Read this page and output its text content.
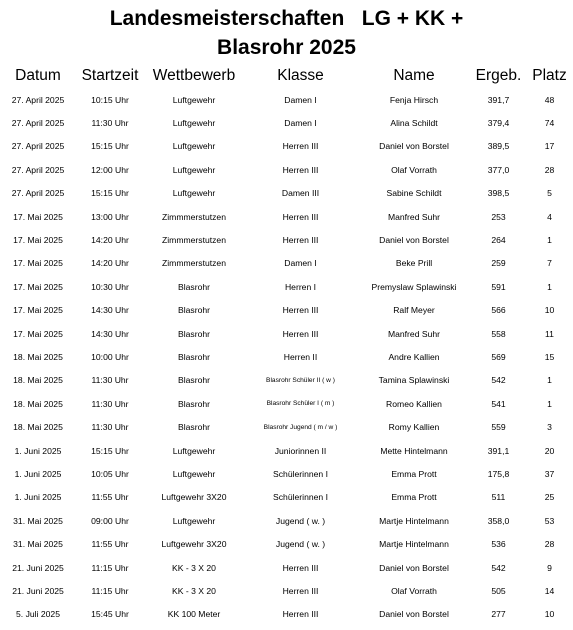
Landesmeisterschaften   LG + KK +
Blasrohr 2025
Datum	Startzeit	Wettbewerb	Klasse	Name	Ergeb.	Platz
27. April 2025	10:15 Uhr	Luftgewehr	Damen I	Fenja Hirsch	391,7	48
27. April 2025	11:30 Uhr	Luftgewehr	Damen I	Alina Schildt	379,4	74
27. April 2025	15:15 Uhr	Luftgewehr	Herren III	Daniel von Borstel	389,5	17
27. April 2025	12:00 Uhr	Luftgewehr	Herren III	Olaf Vorrath	377,0	28
27. April 2025	15:15 Uhr	Luftgewehr	Damen III	Sabine Schildt	398,5	5
17. Mai 2025	13:00 Uhr	Zimmmerstutzen	Herren III	Manfred Suhr	253	4
17. Mai 2025	14:20 Uhr	Zimmmerstutzen	Herren III	Daniel von Borstel	264	1
17. Mai 2025	14:20 Uhr	Zimmmerstutzen	Damen I	Beke Prill	259	7
17. Mai 2025	10:30 Uhr	Blasrohr	Herren I	Premyslaw Splawinski	591	1
17. Mai 2025	14:30 Uhr	Blasrohr	Herren III	Ralf Meyer	566	10
17. Mai 2025	14:30 Uhr	Blasrohr	Herren III	Manfred Suhr	558	11
18. Mai 2025	10:00 Uhr	Blasrohr	Herren II	Andre Kallien	569	15
18. Mai 2025	11:30 Uhr	Blasrohr	Blasrohr Schüler II ( w )	Tamina Splawinski	542	1
18. Mai 2025	11:30 Uhr	Blasrohr	Blasrohr Schüler I ( m )	Romeo Kallien	541	1
18. Mai 2025	11:30 Uhr	Blasrohr	Blasrohr Jugend ( m / w )	Romy Kallien	559	3
1. Juni 2025	15:15 Uhr	Luftgewehr	Juniorinnen II	Mette Hintelmann	391,1	20
1. Juni 2025	10:05 Uhr	Luftgewehr	Schülerinnen I	Emma Prott	175,8	37
1. Juni 2025	11:55 Uhr	Luftgewehr 3X20	Schülerinnen I	Emma Prott	511	25
31. Mai 2025	09:00 Uhr	Luftgewehr	Jugend ( w. )	Martje Hintelmann	358,0	53
31. Mai 2025	11:55 Uhr	Luftgewehr 3X20	Jugend ( w. )	Martje Hintelmann	536	28
21. Juni 2025	11:15 Uhr	KK - 3 X 20	Herren III	Daniel von Borstel	542	9
21. Juni 2025	11:15 Uhr	KK - 3 X 20	Herren III	Olaf Vorrath	505	14
5. Juli 2025	15:45 Uhr	KK 100 Meter	Herren III	Daniel von Borstel	277	10
